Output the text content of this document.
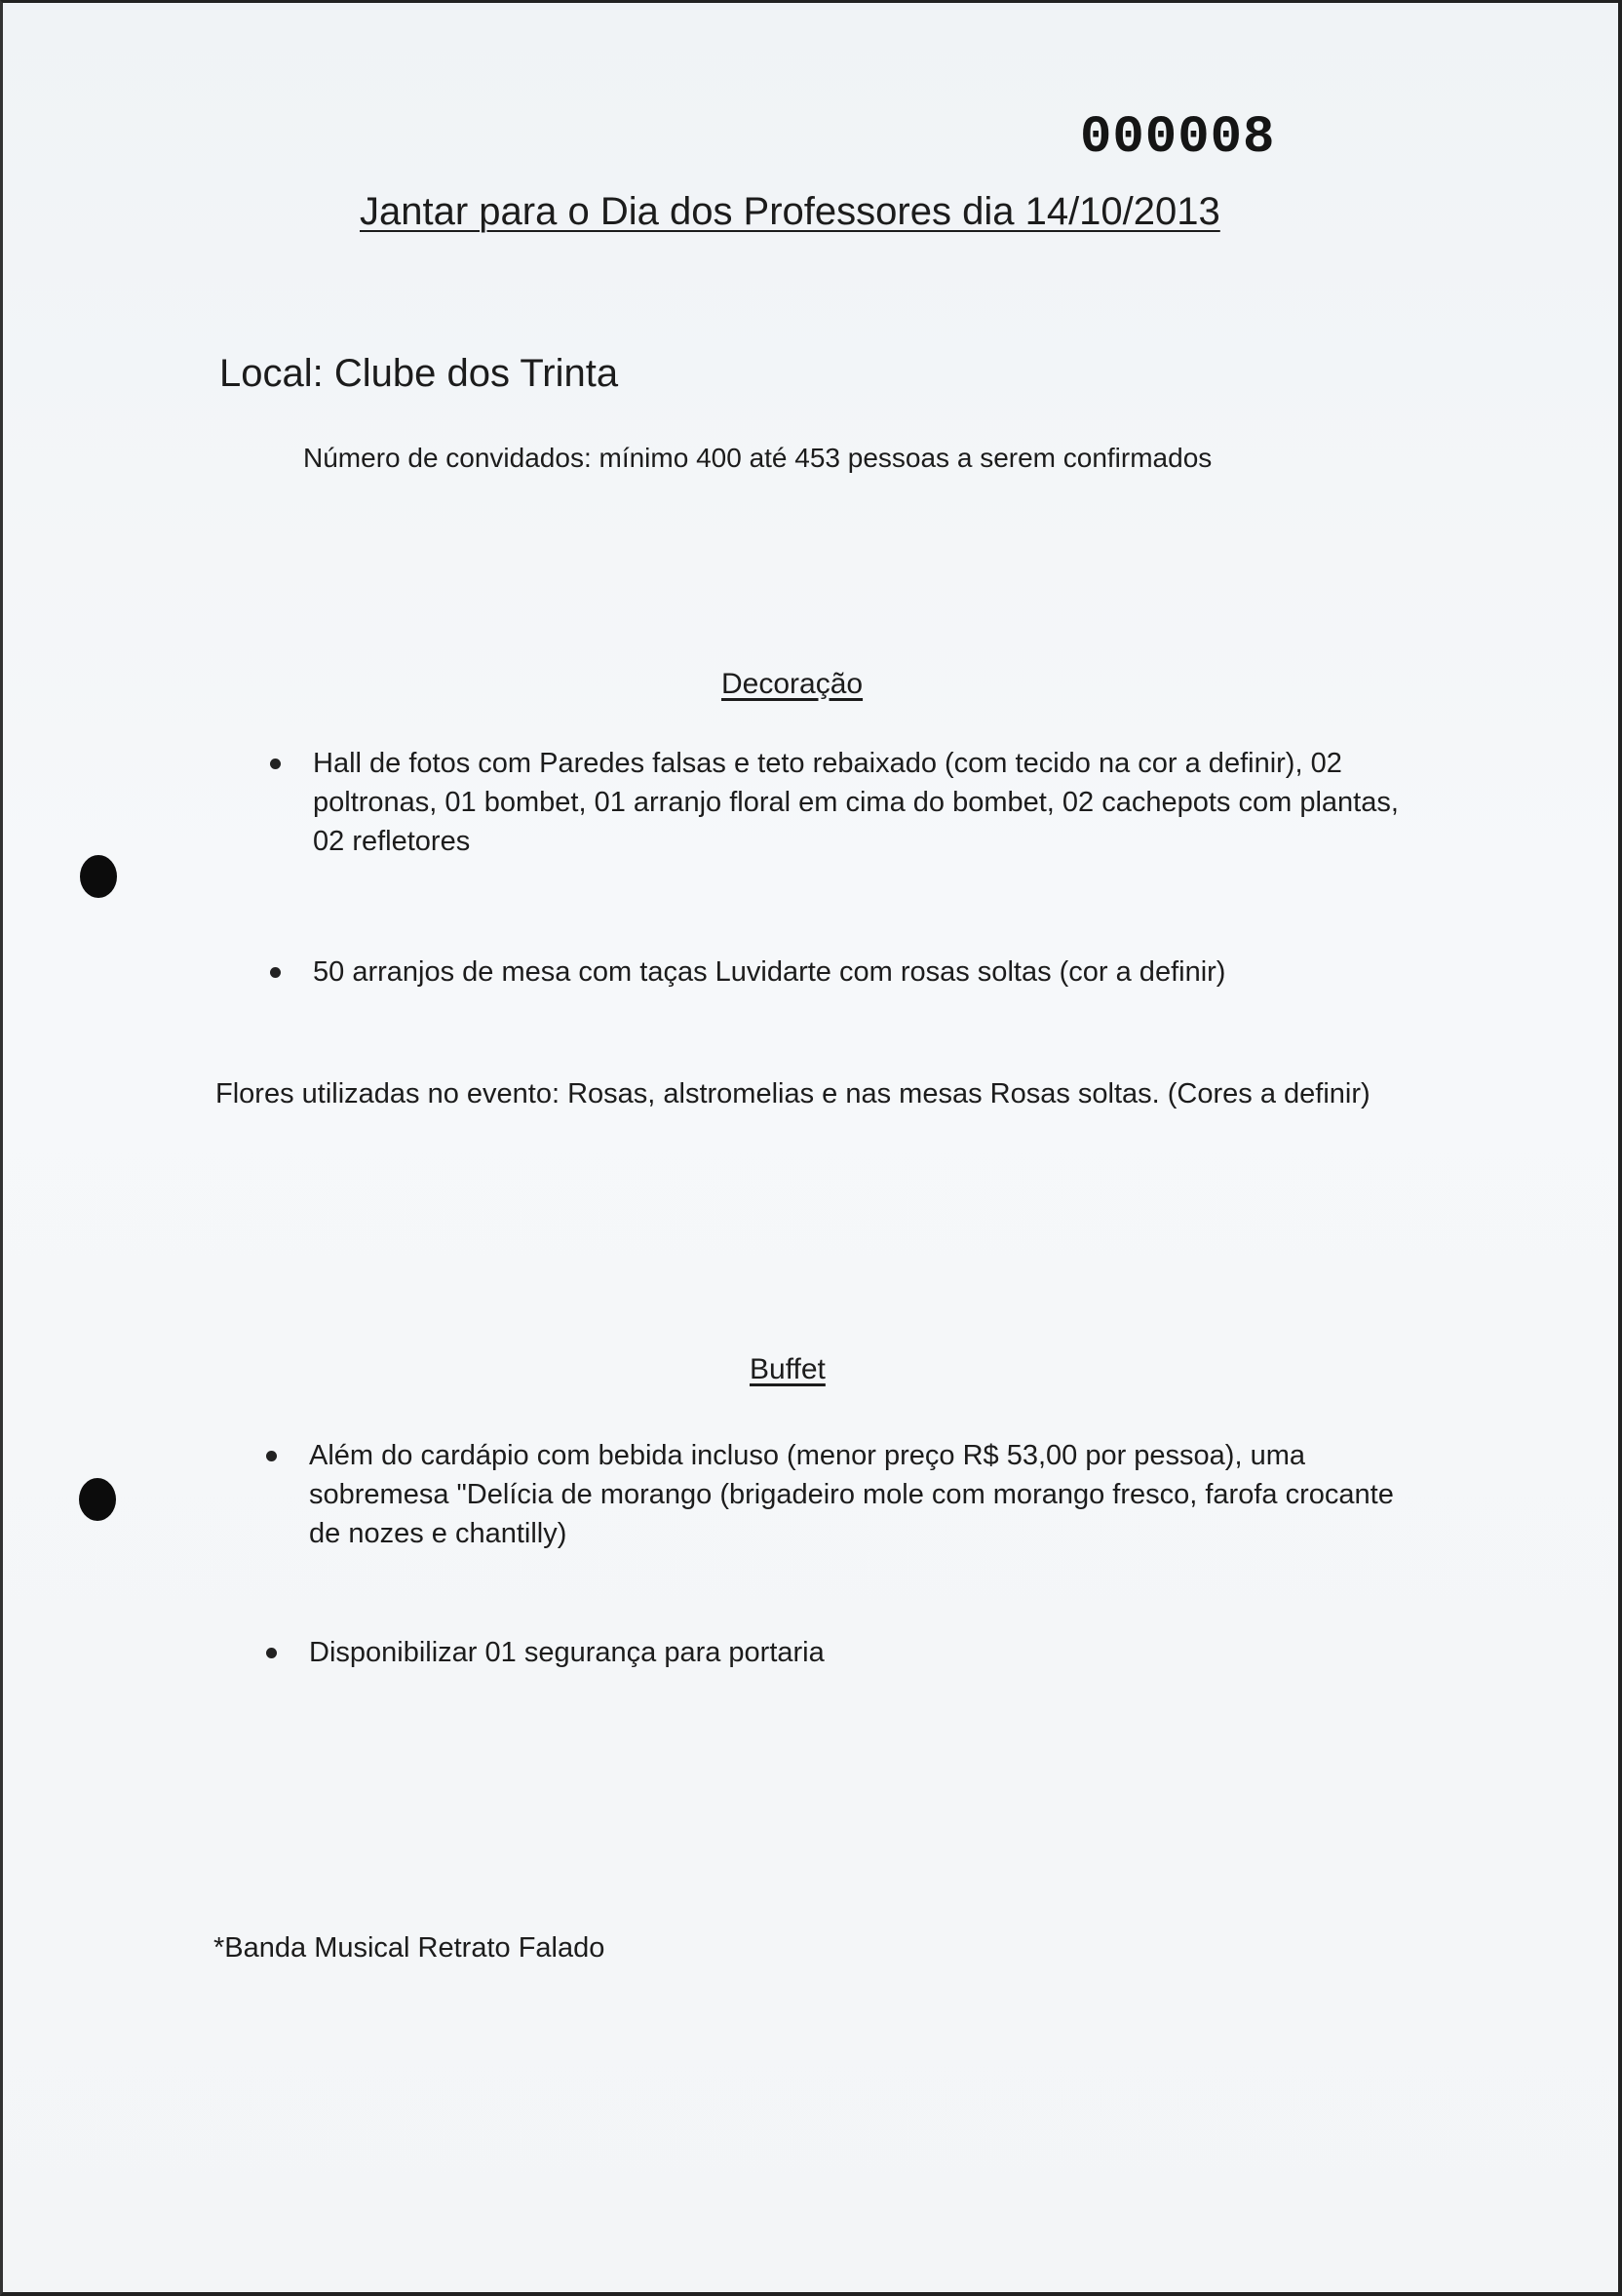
000008
Jantar para o Dia dos Professores dia 14/10/2013
Local: Clube dos Trinta
Número de convidados: mínimo 400 até 453 pessoas a serem confirmados
Decoração
Hall de fotos com Paredes falsas e teto rebaixado (com tecido na cor a definir), 02 poltronas, 01 bombet, 01 arranjo floral em cima do bombet, 02 cachepots com plantas, 02 refletores
50 arranjos de mesa com taças Luvidarte com rosas soltas (cor a definir)
Flores utilizadas no evento: Rosas, alstromelias e nas mesas Rosas soltas. (Cores a definir)
Buffet
Além do cardápio com bebida incluso (menor preço R$ 53,00 por pessoa), uma sobremesa "Delícia de morango (brigadeiro mole com morango fresco, farofa crocante de nozes e chantilly)
Disponibilizar 01 segurança para portaria
*Banda Musical Retrato Falado
